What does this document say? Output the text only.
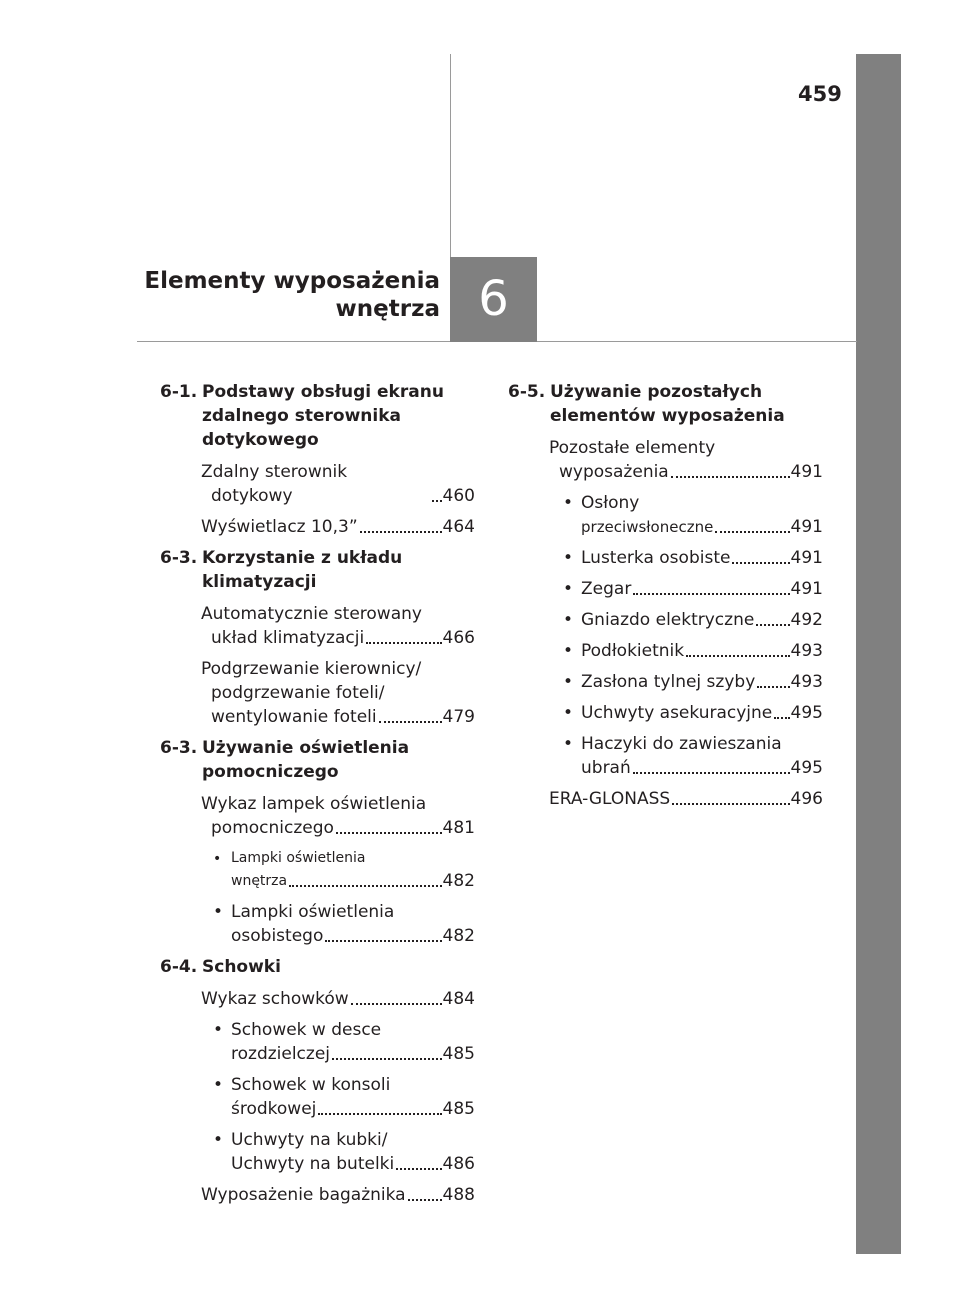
459
6
Elementy wyposażenia
wnętrza
6-1. Podstawy obsługi ekranu
zdalnego sterownika
dotykowego
Zdalny sterownik dotykowy	460
Wyświetlacz 10,3”	464
6-3. Korzystanie z układu
klimatyzacji
Automatycznie sterowany
układ klimatyzacji	466
Podgrzewanie kierownicy/
podgrzewanie foteli/
wentylowanie foteli	479
6-3. Używanie oświetlenia
pomocniczego
Wykaz lampek oświetlenia
pomocniczego	481
• Lampki oświetlenia
wnętrza	482
• Lampki oświetlenia
osobistego	482
6-4. Schowki
Wykaz schowków	484
• Schowek w desce
rozdzielczej	485
• Schowek w konsoli
środkowej	485
• Uchwyty na kubki/
Uchwyty na butelki	486
Wyposażenie bagażnika 488
6-5. Używanie pozostałych
elementów wyposażenia
Pozostałe elementy
wyposażenia	491
• Osłony
przeciwsłoneczne	491
• Lusterka osobiste	491
• Zegar	491
• Gniazdo elektryczne 492
• Podłokietnik	493
• Zasłona tylnej szyby 493
• Uchwyty asekuracyjne 495
• Haczyki do zawieszania
ubrań	495
ERA-GLONASS	496
